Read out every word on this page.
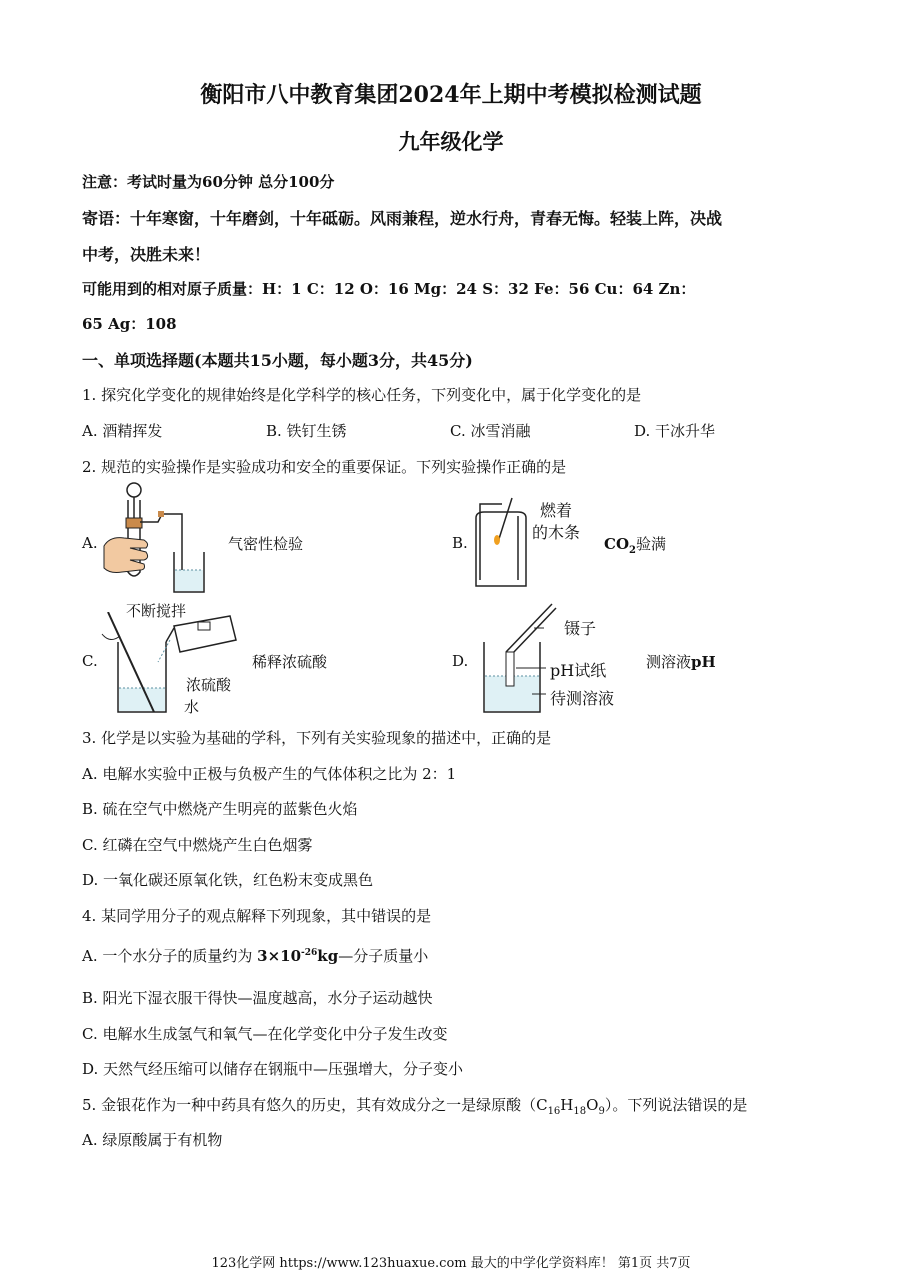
衡阳市八中教育集团2024年上期中考模拟检测试题
九年级化学
注意：考试时量为60分钟 总分100分
寄语：十年寒窗，十年磨剑，十年砥砺。风雨兼程，逆水行舟，青春无悔。轻装上阵，决战
中考，决胜未来！
可能用到的相对原子质量：H：1 C：12 O：16 Mg：24 S：32 Fe：56 Cu：64 Zn：
65 Ag：108
一、单项选择题(本题共15小题，每小题3分，共45分)
1. 探究化学变化的规律始终是化学科学的核心任务，下列变化中，属于化学变化的是
A. 酒精挥发	B. 铁钉生锈	C. 冰雪消融	D. 干冰升华
2. 规范的实验操作是实验成功和安全的重要保证。下列实验操作正确的是
A.	气密性检验	B.
燃着
的木条
$CO_2$验满
C.
不断搅拌
浓硫酸
水
稀释浓硫酸	D.
镊子
pH试纸
待测溶液
测溶液pH
3. 化学是以实验为基础的学科，下列有关实验现象的描述中，正确的是
A. 电解水实验中正极与负极产生的气体体积之比为 2：1
B. 硫在空气中燃烧产生明亮的蓝紫色火焰
C. 红磷在空气中燃烧产生白色烟雾
D. 一氧化碳还原氧化铁，红色粉末变成黑色
4. 某同学用分子的观点解释下列现象，其中错误的是
A. 一个水分子的质量约为 $3\times 10^{-26}kg—$分子质量小
B. 阳光下湿衣服干得快—温度越高，水分子运动越快
C. 电解水生成氢气和氧气—在化学变化中分子发生改变
D. 天然气经压缩可以储存在钢瓶中—压强增大，分子变小
5. 金银花作为一种中药具有悠久的历史，其有效成分之一是绿原酸$(C_{16}H_{18}O_9)$。下列说法错误的是
A. 绿原酸属于有机物
123化学网 https://www.123huaxue.com 最大的中学化学资料库！ 第1页 共7页
